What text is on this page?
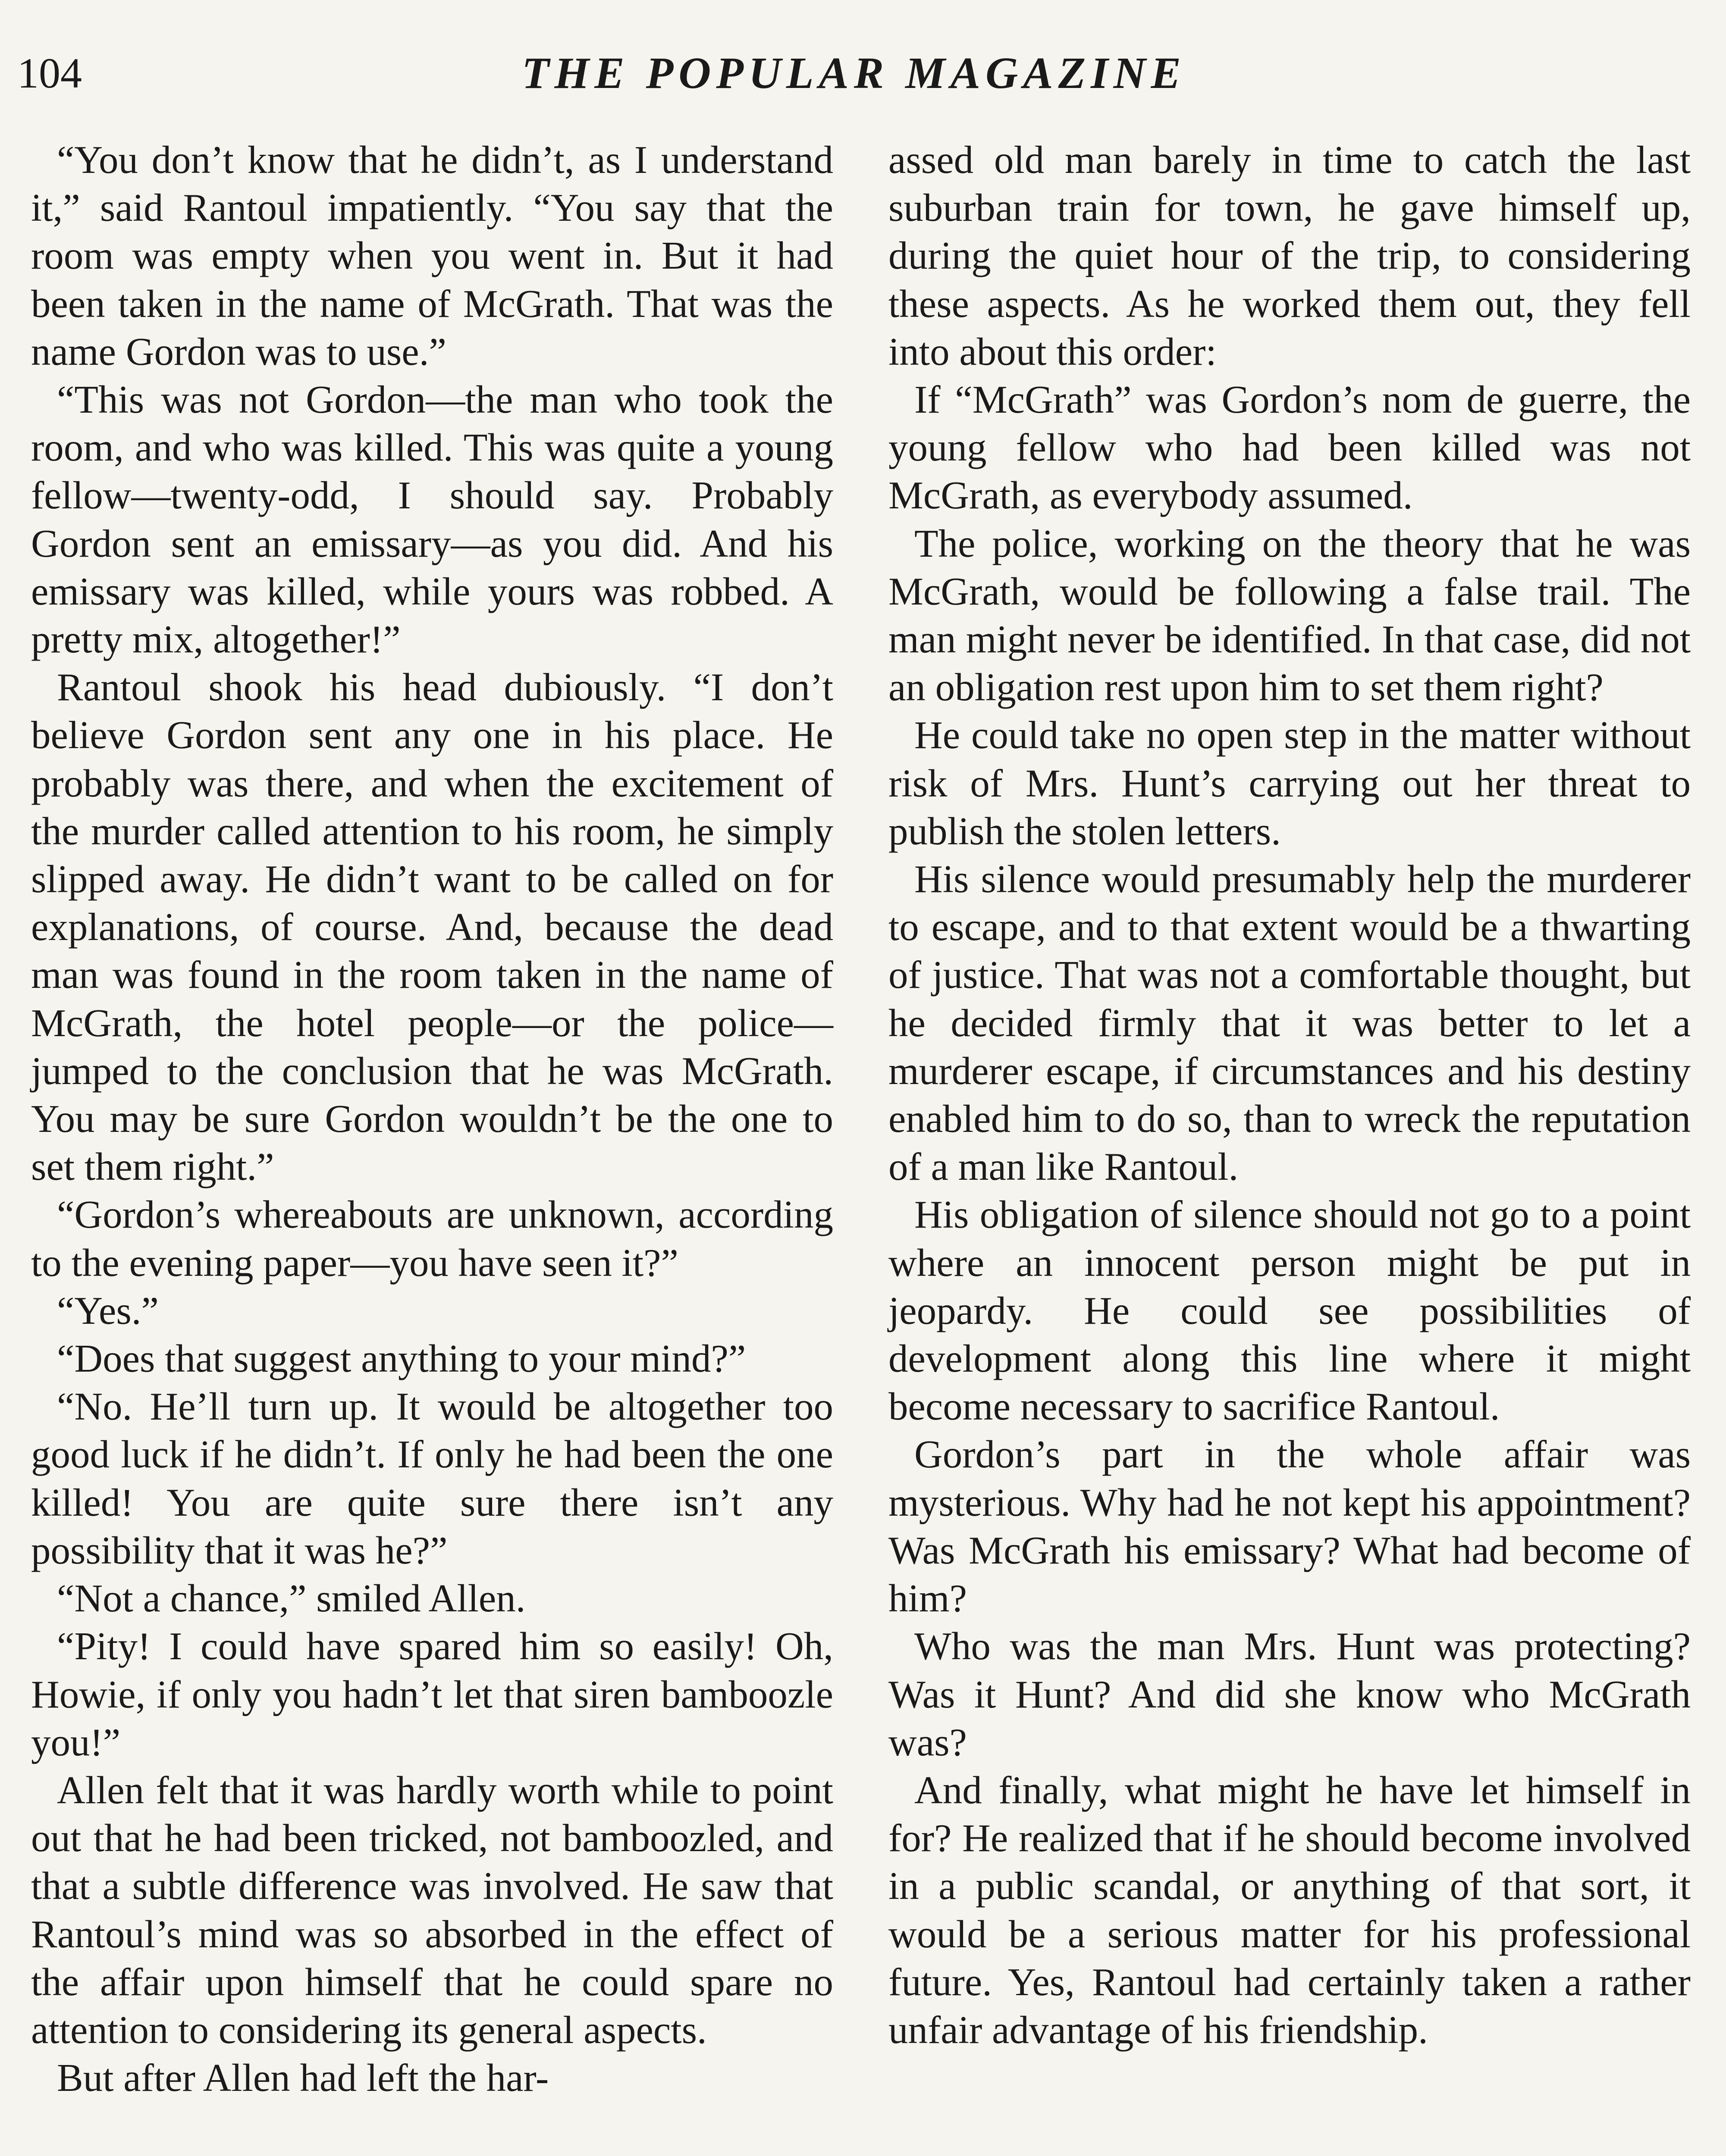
104	THE POPULAR MAGAZINE

“You don’t know that he didn’t, as I understand it,” said Rantoul impatiently. “You say that the room was empty when you went in. But it had been taken in the name of McGrath. That was the name Gordon was to use.”

“This was not Gordon—the man who took the room, and who was killed. This was quite a young fellow—twenty-odd, I should say. Probably Gordon sent an emissary—as you did. And his emissary was killed, while yours was robbed. A pretty mix, altogether!”

Rantoul shook his head dubiously. “I don’t believe Gordon sent any one in his place. He probably was there, and when the excitement of the murder called attention to his room, he simply slipped away. He didn’t want to be called on for explanations, of course. And, because the dead man was found in the room taken in the name of McGrath, the hotel people—or the police—jumped to the conclusion that he was McGrath. You may be sure Gordon wouldn’t be the one to set them right.”

“Gordon’s whereabouts are unknown, according to the evening paper—you have seen it?”

“Yes.”

“Does that suggest anything to your mind?”

“No. He’ll turn up. It would be altogether too good luck if he didn’t. If only he had been the one killed! You are quite sure there isn’t any possibility that it was he?”

“Not a chance,” smiled Allen.

“Pity! I could have spared him so easily! Oh, Howie, if only you hadn’t let that siren bamboozle you!”

Allen felt that it was hardly worth while to point out that he had been tricked, not bamboozled, and that a subtle difference was involved. He saw that Rantoul’s mind was so absorbed in the effect of the affair upon himself that he could spare no attention to considering its general aspects.

But after Allen had left the har-

assed old man barely in time to catch the last suburban train for town, he gave himself up, during the quiet hour of the trip, to considering these aspects. As he worked them out, they fell into about this order:

If “McGrath” was Gordon’s nom de guerre, the young fellow who had been killed was not McGrath, as everybody assumed.

The police, working on the theory that he was McGrath, would be following a false trail. The man might never be identified. In that case, did not an obligation rest upon him to set them right?

He could take no open step in the matter without risk of Mrs. Hunt’s carrying out her threat to publish the stolen letters.

His silence would presumably help the murderer to escape, and to that extent would be a thwarting of justice. That was not a comfortable thought, but he decided firmly that it was better to let a murderer escape, if circumstances and his destiny enabled him to do so, than to wreck the reputation of a man like Rantoul.

His obligation of silence should not go to a point where an innocent person might be put in jeopardy. He could see possibilities of development along this line where it might become necessary to sacrifice Rantoul.

Gordon’s part in the whole affair was mysterious. Why had he not kept his appointment? Was McGrath his emissary? What had become of him?

Who was the man Mrs. Hunt was protecting? Was it Hunt? And did she know who McGrath was?

And finally, what might he have let himself in for? He realized that if he should become involved in a public scandal, or anything of that sort, it would be a serious matter for his professional future. Yes, Rantoul had certainly taken a rather unfair advantage of his friendship.
